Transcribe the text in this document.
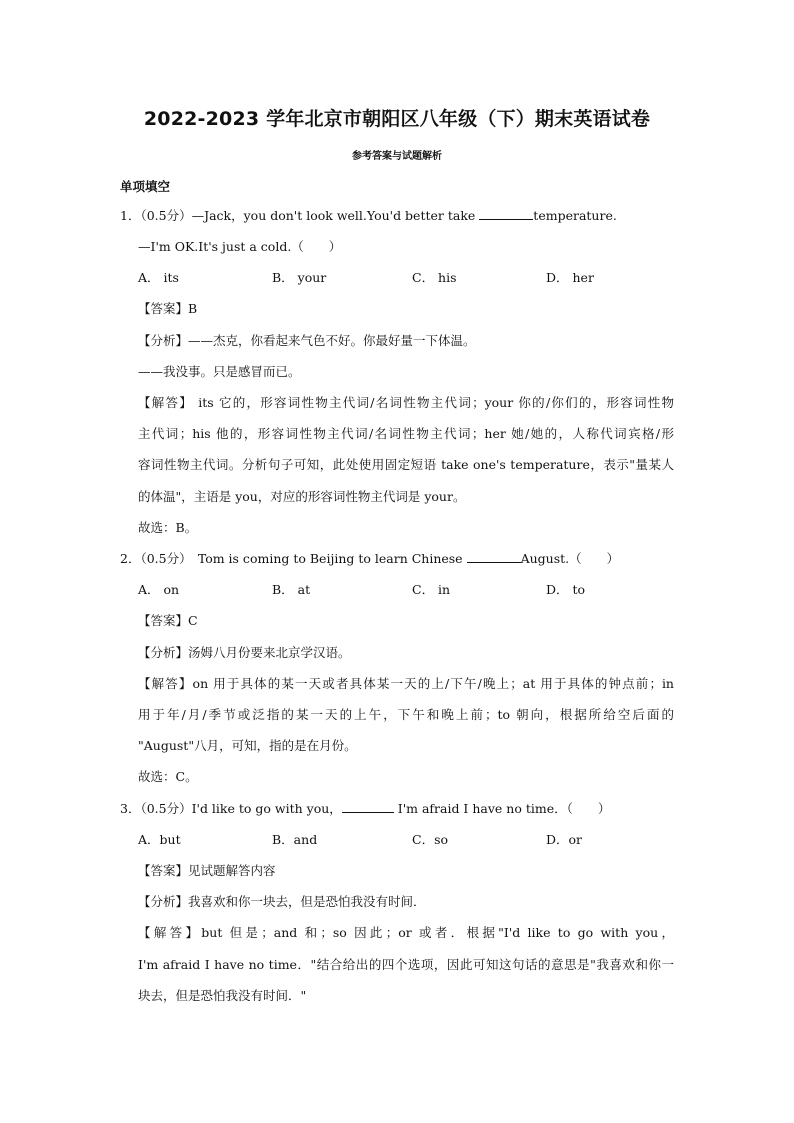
2022-2023 学年北京市朝阳区八年级（下）期末英语试卷
参考答案与试题解析
单项填空
1．（0.5分）—Jack，you don't look well.You'd better take	temperature.
—I'm OK.It's just a cold.（　　）
A． its	B． your	C． his	D． her
【答案】B
【分析】——杰克，你看起来气色不好。你最好量一下体温。
——我没事。只是感冒而已。
【解答】 its 它的，形容词性物主代词/名词性物主代词；your 你的/你们的，形容词性物
主代词；his 他的，形容词性物主代词/名词性物主代词；her 她/她的，人称代词宾格/形
容词性物主代词。分析句子可知，此处使用固定短语 take one's temperature，表示"量某人
的体温"，主语是 you，对应的形容词性物主代词是 your。
故选：B。
2．（0.5分）　Tom is coming to Beijing to learn Chinese	August.（　　）
A． on	B． at	C． in	D． to
【答案】C
【分析】汤姆八月份要来北京学汉语。
【解答】on 用于具体的某一天或者具体某一天的上/下午/晚上；at 用于具体的钟点前；in
用于年/月/季节或泛指的某一天的上午，下午和晚上前；to 朝向，根据所给空后面的
"August"八月，可知，指的是在月份。
故选：C。
3．（0.5分）I'd like to go with you，	I'm afraid I have no time．（　　）
A．but	B．and	C．so	D．or
【答案】见试题解答内容
【分析】我喜欢和你一块去，但是恐怕我没有时间．
【解答】but 但是；and 和；so 因此；or 或者．根据"I'd like to go with you，
I'm afraid I have no time．"结合给出的四个选项，因此可知这句话的意思是"我喜欢和你一
块去，但是恐怕我没有时间．"
